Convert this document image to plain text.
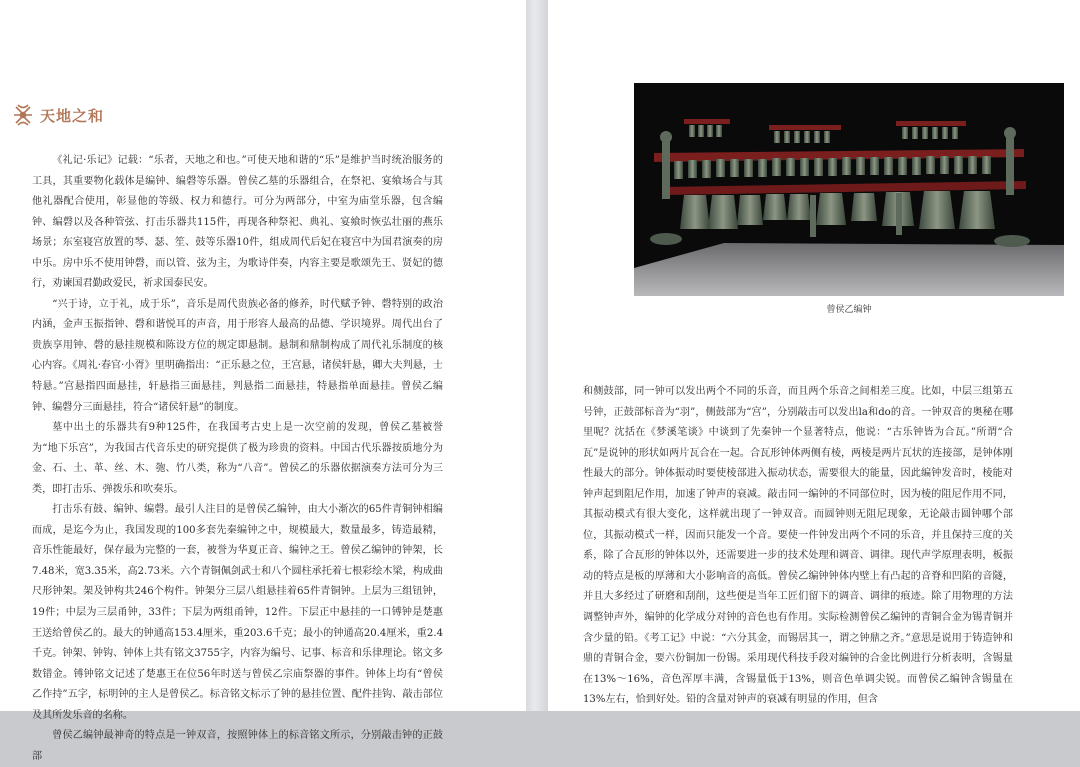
天地之和

《礼记·乐记》记载：“乐者，天地之和也。”可使天地和谐的“乐”是维护当时统治服务的工具，其重要物化载体是编钟、编磬等乐器。曾侯乙墓的乐器组合，在祭祀、宴飨场合与其他礼器配合使用，彰显他的等级、权力和德行。可分为两部分，中室为庙堂乐器，包含编钟、编磬以及各种管弦、打击乐器共115件，再现各种祭祀、典礼、宴飨时恢弘壮丽的燕乐场景；东室寝宫放置的琴、瑟、笙、鼓等乐器10件，组成周代后妃在寝宫中为国君演奏的房中乐。房中乐不使用钟磬，而以管、弦为主，为歌诗伴奏，内容主要是歌颂先王、贤妃的德行，劝谏国君勤政爱民，祈求国泰民安。

“兴于诗，立于礼，成于乐”，音乐是周代贵族必备的修养，时代赋予钟、磬特别的政治内涵，金声玉振指钟、磬和谐悦耳的声音，用于形容人最高的品德、学识境界。周代出台了贵族享用钟、磬的悬挂规模和陈设方位的规定即悬制。悬制和鼎制构成了周代礼乐制度的核心内容。《周礼·春官·小胥》里明确指出：“正乐悬之位，王宫悬，诸侯轩悬，卿大夫判悬，士特悬。”宫悬指四面悬挂，轩悬指三面悬挂，判悬指二面悬挂，特悬指单面悬挂。曾侯乙编钟、编磬分三面悬挂，符合“诸侯轩悬”的制度。

墓中出土的乐器共有9种125件，在我国考古史上是一次空前的发现，曾侯乙墓被誉为“地下乐宫”，为我国古代音乐史的研究提供了极为珍贵的资料。中国古代乐器按质地分为金、石、土、革、丝、木、匏、竹八类，称为“八音”。曾侯乙的乐器依据演奏方法可分为三类，即打击乐、弹拨乐和吹奏乐。

打击乐有鼓、编钟、编磬。最引人注目的是曾侯乙编钟，由大小渐次的65件青铜钟相编而成，是迄今为止，我国发现的100多套先秦编钟之中，规模最大，数量最多，铸造最精，音乐性能最好，保存最为完整的一套，被誉为华夏正音、编钟之王。曾侯乙编钟的钟架，长7.48米，宽3.35米，高2.73米。六个青铜佩剑武士和八个圆柱承托着七根彩绘木梁，构成曲尺形钟架。架及钟构共246个构件。钟架分三层八组悬挂着65件青铜钟。上层为三组钮钟，19件；中层为三层甬钟，33件；下层为两组甬钟，12件。下层正中悬挂的一口镈钟是楚惠王送给曾侯乙的。最大的钟通高153.4厘米，重203.6千克；最小的钟通高20.4厘米，重2.4千克。钟架、钟钩、钟体上共有铭文3755字，内容为编号、记事、标音和乐律理论。铭文多数错金。镈钟铭文记述了楚惠王在位56年时送与曾侯乙宗庙祭器的事件。钟体上均有“曾侯乙作持”五字，标明钟的主人是曾侯乙。标音铭文标示了钟的悬挂位置、配件挂钩、敲击部位及其所发乐音的名称。

曾侯乙编钟最神奇的特点是一钟双音，按照钟体上的标音铭文所示，分别敲击钟的正鼓部

曾侯乙编钟

和侧鼓部，同一钟可以发出两个不同的乐音，而且两个乐音之间相差三度。比如，中层三组第五号钟，正鼓部标音为“羽”，侧鼓部为“宫”，分别敲击可以发出la和do的音。一钟双音的奥秘在哪里呢？沈括在《梦溪笔谈》中谈到了先秦钟一个显著特点，他说：“古乐钟皆为合瓦。”所谓“合瓦”是说钟的形状如两片瓦合在一起。合瓦形钟体两侧有棱，两棱是两片瓦状的连接部，是钟体刚性最大的部分。钟体振动时要使棱部进入振动状态，需要很大的能量，因此编钟发音时，棱能对钟声起到阻尼作用，加速了钟声的衰减。敲击同一编钟的不同部位时，因为棱的阻尼作用不同，其振动模式有很大变化，这样就出现了一钟双音。而圆钟则无阻尼现象，无论敲击圆钟哪个部位，其振动模式一样，因而只能发一个音。要使一件钟发出两个不同的乐音，并且保持三度的关系，除了合瓦形的钟体以外，还需要进一步的技术处理和调音、调律。现代声学原理表明，板振动的特点是板的厚薄和大小影响音的高低。曾侯乙编钟钟体内壁上有凸起的音脊和凹陷的音隧，并且大多经过了研磨和刮削，这些便是当年工匠们留下的调音、调律的痕迹。除了用物理的方法调整钟声外，编钟的化学成分对钟的音色也有作用。实际检测曾侯乙编钟的青铜合金为锡青铜并含少量的铅。《考工记》中说：“六分其金，而锡居其一，谓之钟鼎之齐。”意思是说用于铸造钟和鼎的青铜合金，要六份铜加一份锡。采用现代科技手段对编钟的合金比例进行分析表明，含锡量在13%～16%，音色浑厚丰满，含锡量低于13%，则音色单调尖锐。而曾侯乙编钟含锡量在13%左右，恰到好处。铅的含量对钟声的衰减有明显的作用，但含
